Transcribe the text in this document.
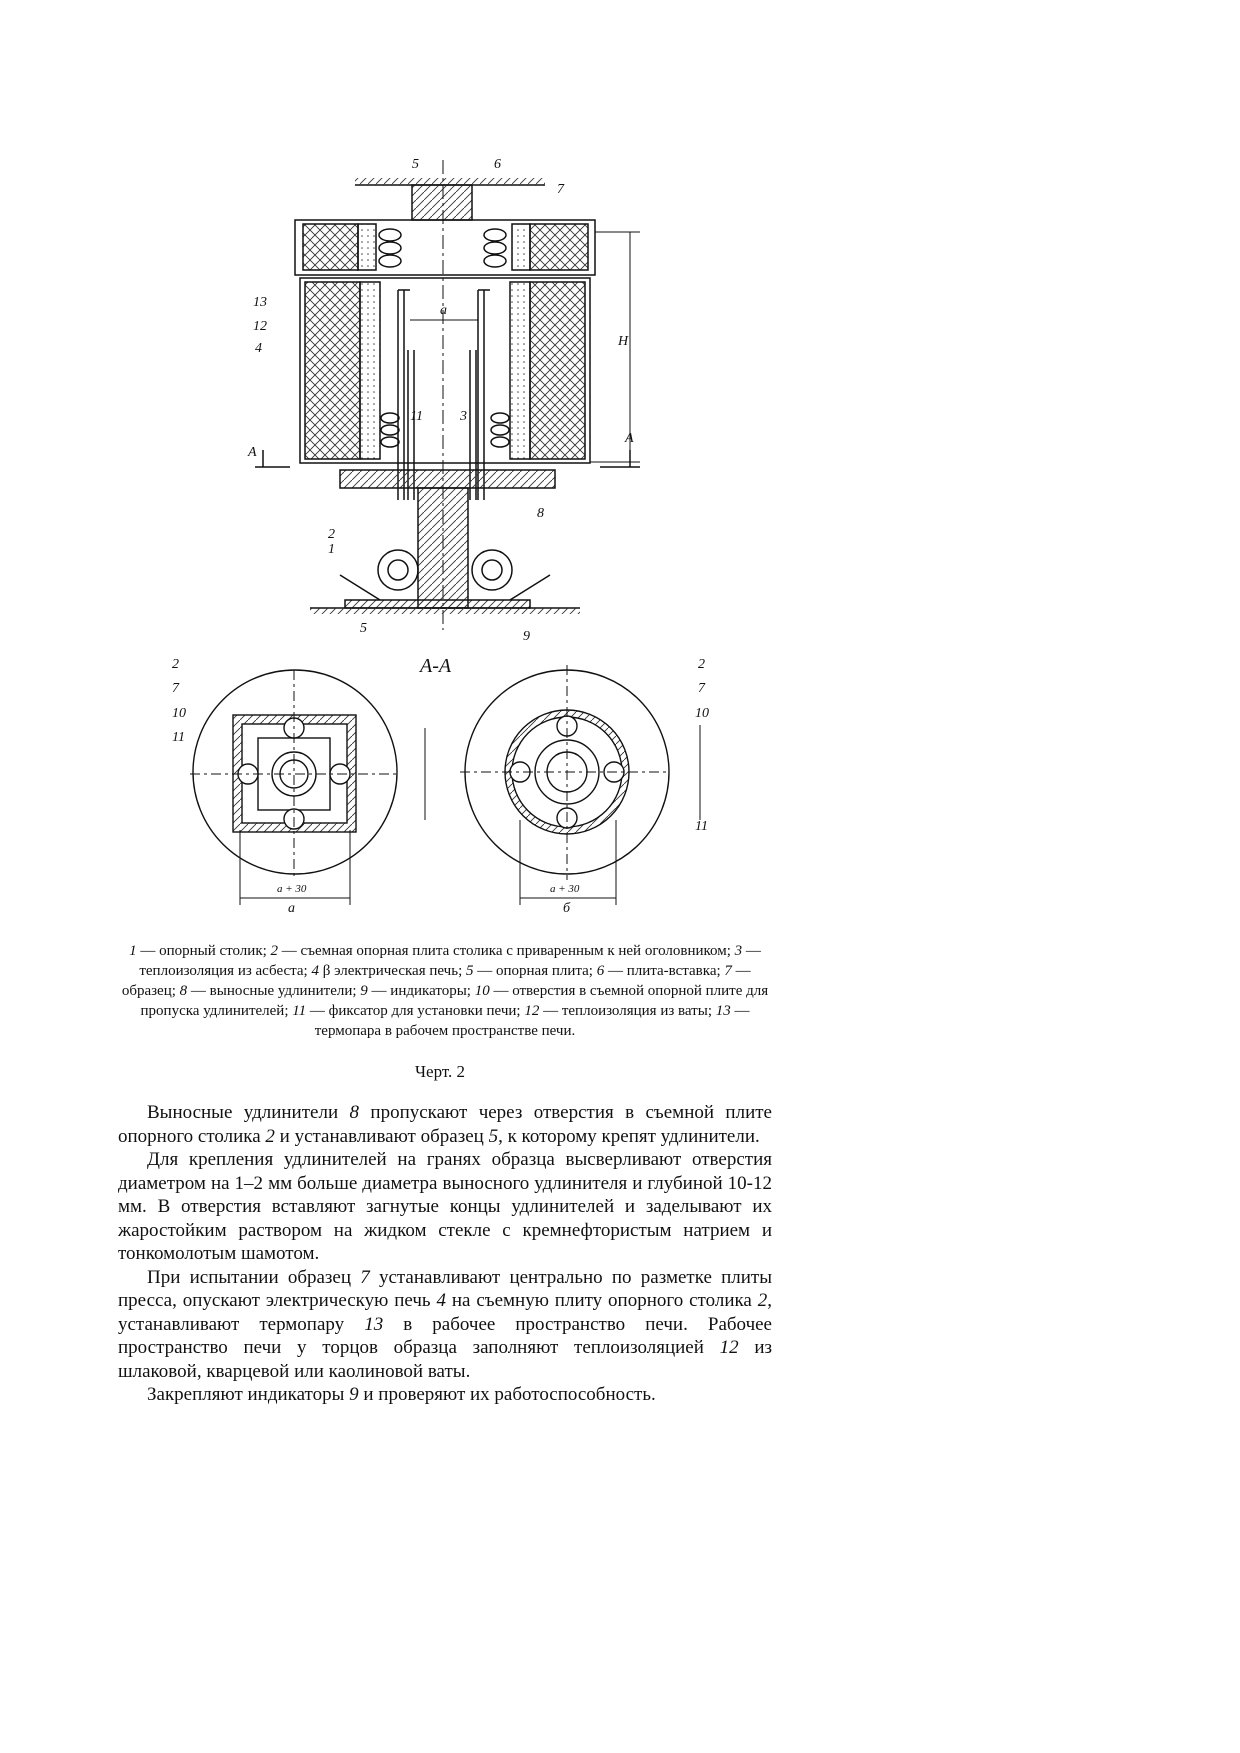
5	6
7
13
12
4
11	3
2
1
8
9
5
А
А
H
a
А-А
2
7
10
11
а
a + 30
2
7
10
11
б
a + 30
1 — опорный столик; 2 — съемная опорная плита столика с приваренным к ней оголовником; 3 — теплоизоляция из асбеста; 4 β электрическая печь; 5 — опорная плита; 6 — плита-вставка; 7 — образец; 8 — выносные удлинители; 9 — индикаторы; 10 — отверстия в съемной опорной плите для пропуска удлинителей; 11 — фиксатор для установки печи; 12 — теплоизоляция из ваты; 13 — термопара в рабочем пространстве печи.
Черт. 2

Выносные удлинители 8 пропускают через отверстия в съемной плите опорного столика 2 и устанавливают образец 5, к которому крепят удлинители.

Для крепления удлинителей на гранях образца высверливают отверстия диаметром на 1–2 мм больше диаметра выносного удлинителя и глубиной 10-12 мм. В отверстия вставляют загнутые концы удлинителей и заделывают их жаростойким раствором на жидком стекле с кремнефтористым натрием и тонкомолотым шамотом.

При испытании образец 7 устанавливают центрально по разметке плиты пресса, опускают электрическую печь 4 на съемную плиту опорного столика 2, устанавливают термопару 13 в рабочее пространство печи. Рабочее пространство печи у торцов образца заполняют теплоизоляцией 12 из шлаковой, кварцевой или каолиновой ваты.

Закрепляют индикаторы 9 и проверяют их работоспособность.
